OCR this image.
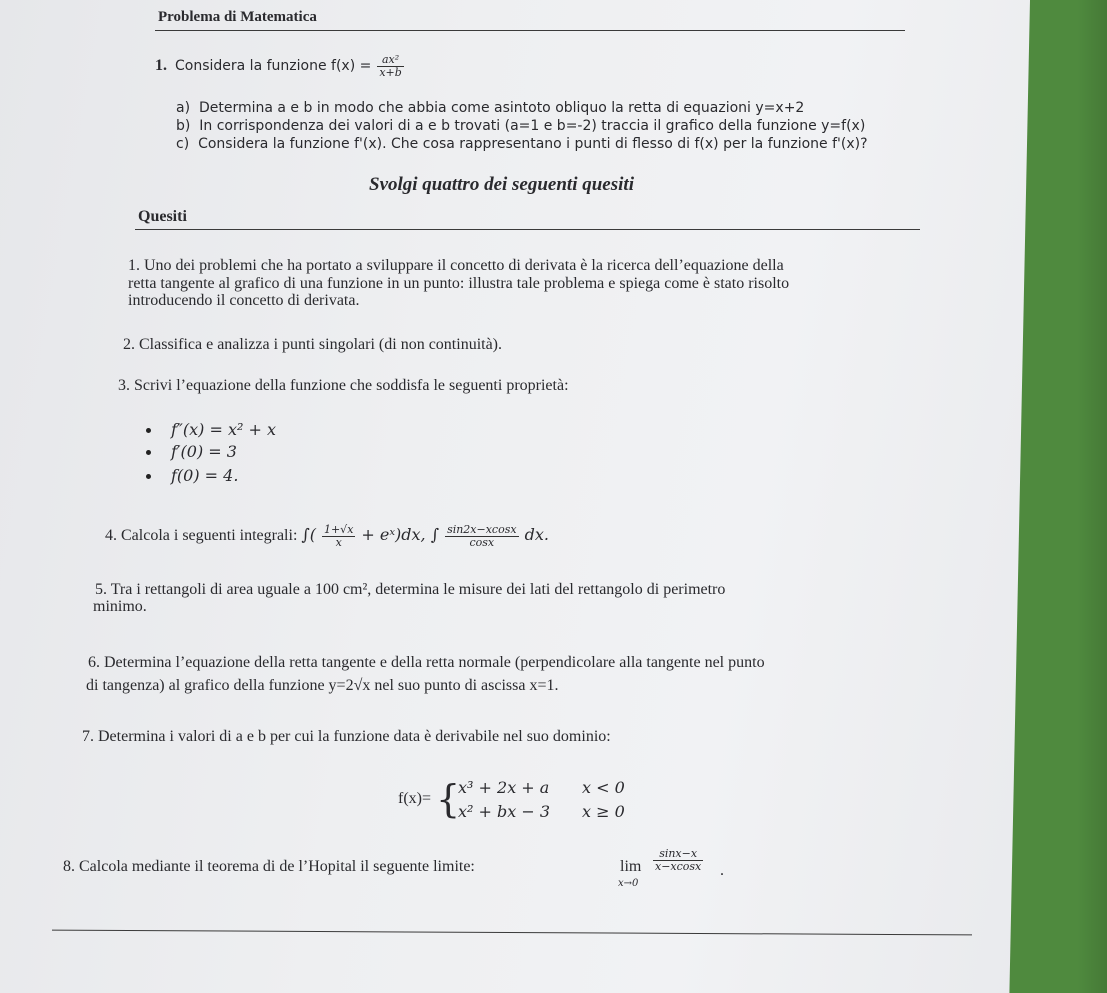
Problema di Matematica
1. Considera la funzione $f(x) = \frac{\text{ax²}}{x+b}$
a) Determina a e b in modo che abbia come asintoto obliquo la retta di equazioni y=x+2
b) In corrispondenza dei valori di a e b trovati (a=1 e b=-2) traccia il grafico della funzione y=f(x)
c) Considera la funzione f'(x). Che cosa rappresentano i punti di flesso di f(x) per la funzione f'(x)?
Svolgi quattro dei seguenti quesiti
Quesiti
1. Uno dei problemi che ha portato a sviluppare il concetto di derivata è la ricerca dell’equazione della
retta tangente al grafico di una funzione in un punto: illustra tale problema e spiega come è stato risolto
introducendo il concetto di derivata.
2. Classifica e analizza i punti singolari (di non continuità).
3. Scrivi l’equazione della funzione che soddisfa le seguenti proprietà:
f″(x) = x² + x
f′(0) = 3
f(0) = 4.
4. Calcola i seguenti integrali: ∫( $\frac{1+√x}{x}$ + eˣ)dx, ∫ $\frac{\sin 2x-xcosx}{\cos x}$ dx.
5. Tra i rettangoli di area uguale a 100 cm², determina le misure dei lati del rettangolo di perimetro
minimo.
6. Determina l’equazione della retta tangente e della retta normale (perpendicolare alla tangente nel punto
di tangenza) al grafico della funzione y=2√x nel suo punto di ascissa x=1.
7. Determina i valori di a e b per cui la funzione data è derivabile nel suo dominio:
f(x)= {
x³ + 2x + a x < 0
x² + bx − 3 x ≥ 0
8. Calcola mediante il teorema di de l’Hopital il seguente limite:	lim
x→0
$\frac{\sin x-x}{x-xcosx}$ .
